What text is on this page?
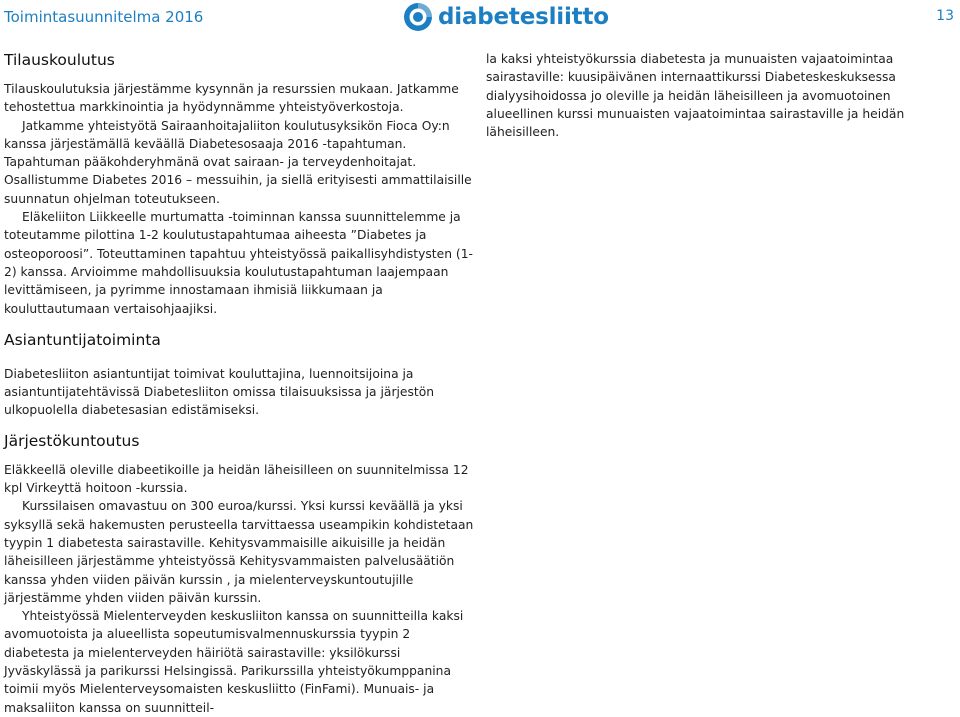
Toimintasuunnitelma 2016	diabetesliitto	13
Tilauskoulutus

Tilauskoulutuksia järjestämme kysynnän ja resurssien mukaan. Jatkamme tehostettua markkinointia ja hyödynnämme yhteistyöverkostoja.

Jatkamme yhteistyötä Sairaanhoitajaliiton koulutusyksikön Fioca Oy:n kanssa järjestämällä keväällä Diabetesosaaja 2016 -tapahtuman. Tapahtuman pääkohderyhmänä ovat sairaan- ja terveydenhoitajat. Osallistumme Diabetes 2016 – messuihin, ja siellä erityisesti ammattilaisille suunnatun ohjelman toteutukseen.

Eläkeliiton Liikkeelle murtumatta -toiminnan kanssa suunnittelemme ja toteutamme pilottina 1-2 koulutustapahtumaa aiheesta ”Diabetes ja osteoporoosi”. Toteuttaminen tapahtuu yhteistyössä paikallisyhdistysten (1-2) kanssa. Arvioimme mahdollisuuksia koulutustapahtuman laajempaan levittämiseen, ja pyrimme innostamaan ihmisiä liikkumaan ja kouluttautumaan vertaisohjaajiksi.

Asiantuntijatoiminta

Diabetesliiton asiantuntijat toimivat kouluttajina, luennoitsijoina ja asiantuntijatehtävissä Diabetesliiton omissa tilaisuuksissa ja järjestön ulkopuolella diabetesasian edistämiseksi.

Järjestökuntoutus

Eläkkeellä oleville diabeetikoille ja heidän läheisilleen on suunnitelmissa 12 kpl Virkeyttä hoitoon -kurssia.

Kurssilaisen omavastuu on 300 euroa/kurssi. Yksi kurssi keväällä ja yksi syksyllä sekä hakemusten perusteella tarvittaessa useampikin kohdistetaan tyypin 1 diabetesta sairastaville. Kehitysvammaisille aikuisille ja heidän läheisilleen järjestämme yhteistyössä Kehitysvammaisten palvelusäätiön kanssa yhden viiden päivän kurssin , ja mielenterveyskuntoutujille järjestämme yhden viiden päivän kurssin.

Yhteistyössä Mielenterveyden keskusliiton kanssa on suunnitteilla kaksi avomuotoista ja alueellista sopeutumisvalmennuskurssia tyypin 2 diabetesta ja mielenterveyden häiriötä sairastaville: yksilökurssi Jyväskylässä ja parikurssi Helsingissä. Parikurssilla yhteistyökumppanina toimii myös Mielenterveysomaisten keskusliitto (FinFami). Munuais- ja maksaliiton kanssa on suunnitteil-

la kaksi yhteistyökurssia diabetesta ja munuaisten vajaatoimintaa sairastaville: kuusipäivänen internaattikurssi Diabeteskeskuksessa dialyysihoidossa jo oleville ja heidän läheisilleen ja avomuotoinen alueellinen kurssi munuaisten vajaatoimintaa sairastaville ja heidän läheisilleen.
